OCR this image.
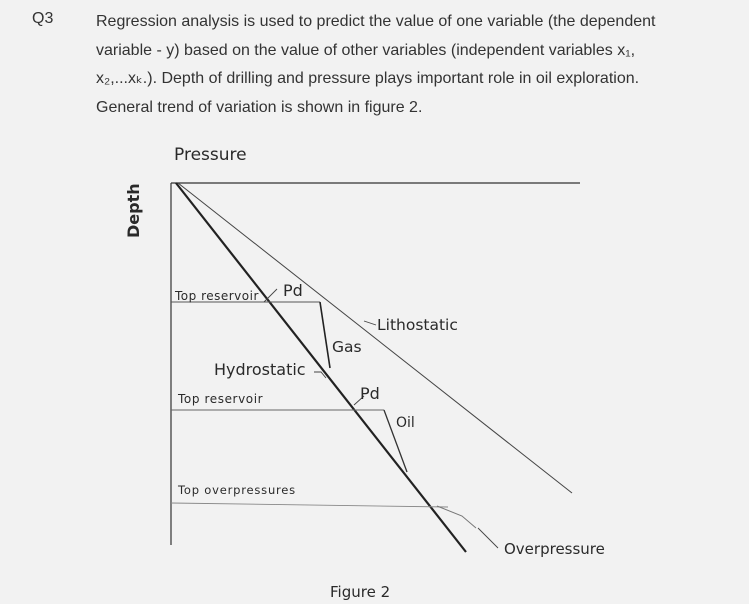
Q3	Regression analysis is used to predict the value of one variable (the dependent
variable - y) based on the value of other variables (independent variables x₁,
x₂,...xₖ.). Depth of drilling and pressure plays important role in oil exploration.
General trend of variation is shown in figure 2.
Pressure
Depth
Top reservoir Pd
Lithostatic
Gas
Hydrostatic
Top reservoir	Pd
Oil
Top overpressures
Overpressure
Figure 2
